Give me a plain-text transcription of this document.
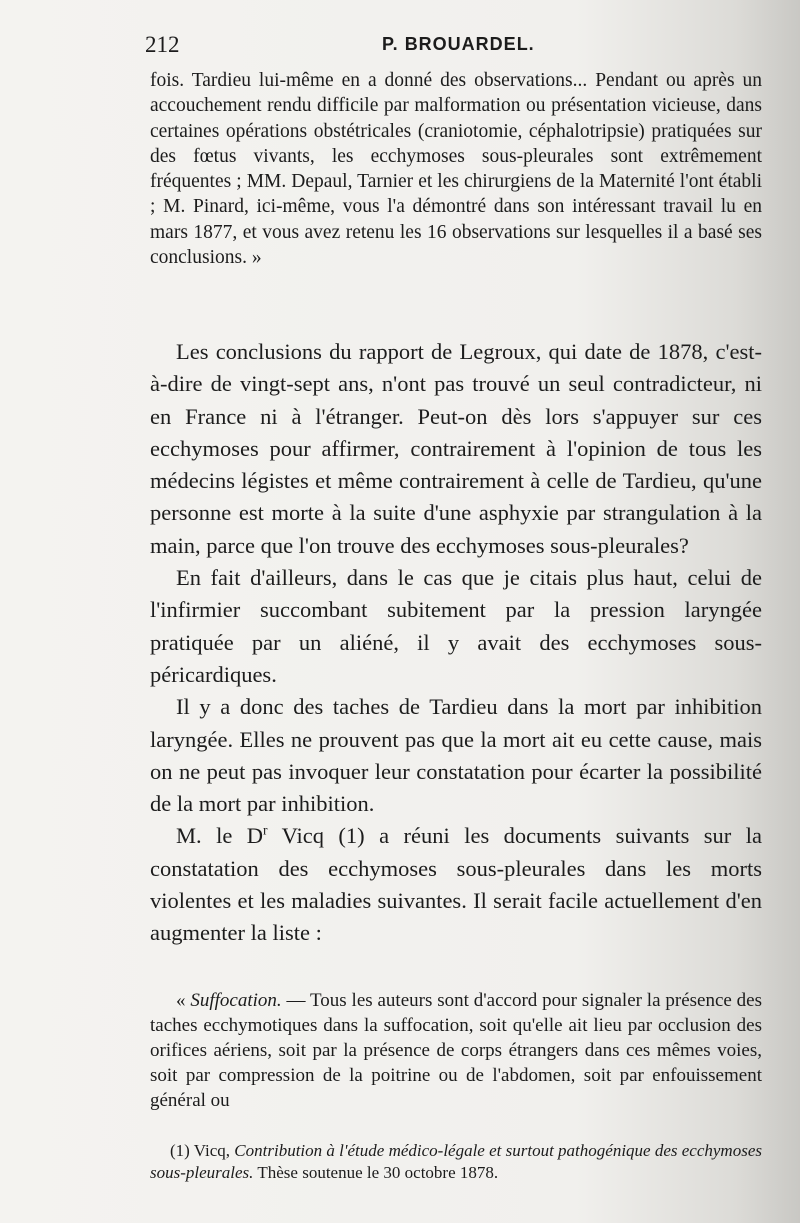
212	P. BROUARDEL.

fois. Tardieu lui-même en a donné des observations... Pendant ou après un accouchement rendu difficile par malformation ou présentation vicieuse, dans certaines opérations obstétricales (craniotomie, céphalotripsie) pratiquées sur des fœtus vivants, les ecchymoses sous-pleurales sont extrêmement fréquentes ; MM. Depaul, Tarnier et les chirurgiens de la Maternité l'ont établi ; M. Pinard, ici-même, vous l'a démontré dans son intéressant travail lu en mars 1877, et vous avez retenu les 16 observations sur lesquelles il a basé ses conclusions. »

Les conclusions du rapport de Legroux, qui date de 1878, c'est-à-dire de vingt-sept ans, n'ont pas trouvé un seul contradicteur, ni en France ni à l'étranger. Peut-on dès lors s'appuyer sur ces ecchymoses pour affirmer, contrairement à l'opinion de tous les médecins légistes et même contrairement à celle de Tardieu, qu'une personne est morte à la suite d'une asphyxie par strangulation à la main, parce que l'on trouve des ecchymoses sous-pleurales?

En fait d'ailleurs, dans le cas que je citais plus haut, celui de l'infirmier succombant subitement par la pression laryngée pratiquée par un aliéné, il y avait des ecchymoses sous-péricardiques.

Il y a donc des taches de Tardieu dans la mort par inhibition laryngée. Elles ne prouvent pas que la mort ait eu cette cause, mais on ne peut pas invoquer leur constatation pour écarter la possibilité de la mort par inhibition.

M. le $D^r$ Vicq (1) a réuni les documents suivants sur la constatation des ecchymoses sous-pleurales dans les morts violentes et les maladies suivantes. Il serait facile actuellement d'en augmenter la liste :

« Suffocation. — Tous les auteurs sont d'accord pour signaler la présence des taches ecchymotiques dans la suffocation, soit qu'elle ait lieu par occlusion des orifices aériens, soit par la présence de corps étrangers dans ces mêmes voies, soit par compression de la poitrine ou de l'abdomen, soit par enfouissement général ou

(1) Vicq, Contribution à l'étude médico-légale et surtout pathogénique des ecchymoses sous-pleurales. Thèse soutenue le 30 octobre 1878.
